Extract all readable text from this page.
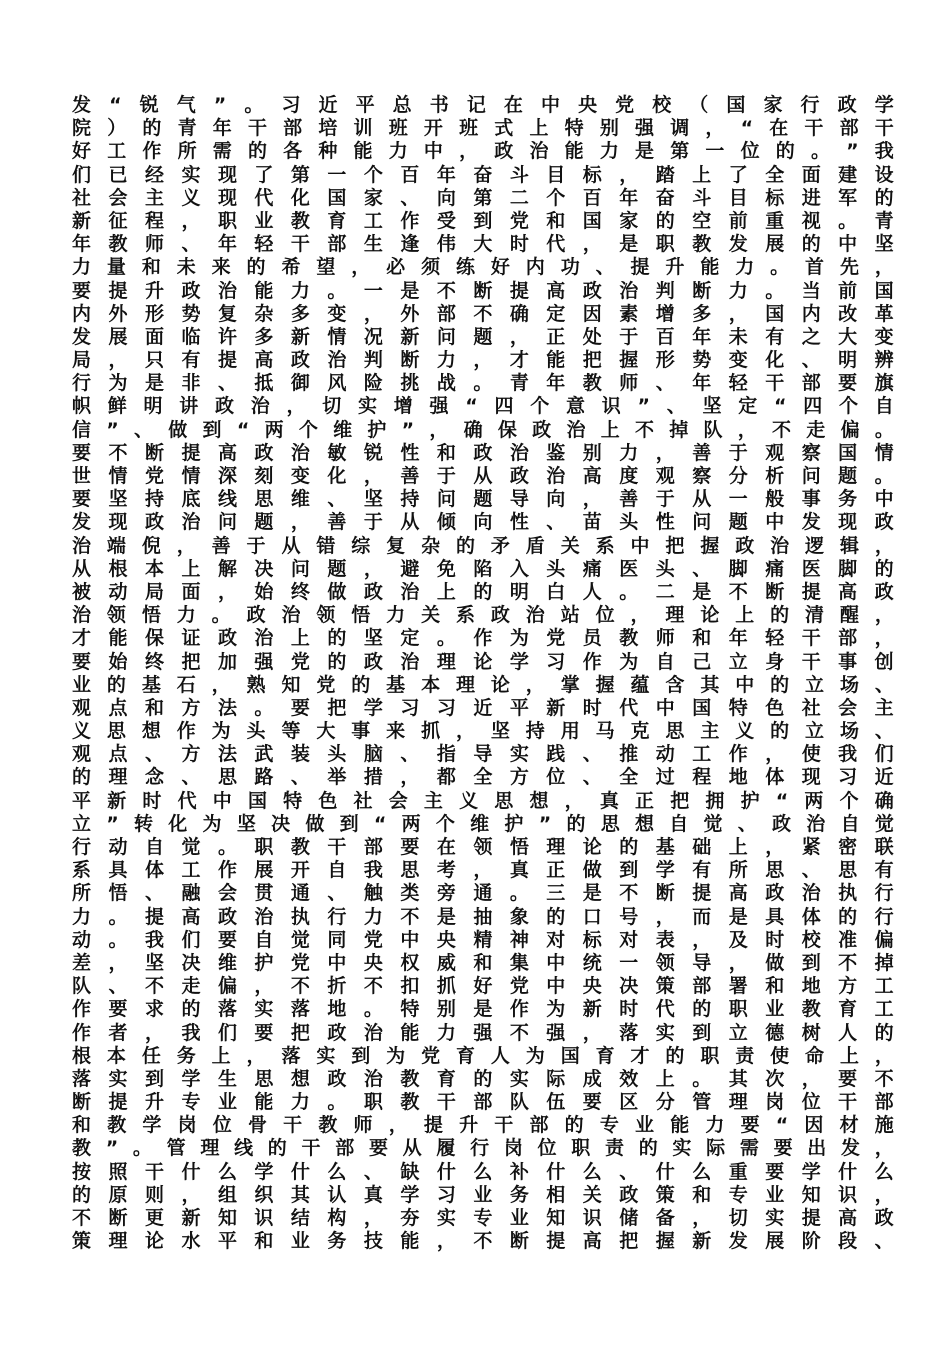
发 “ 锐 气 ” 。 习 近 平 总 书 记 在 中 央 党 校 （ 国 家 行 政 学
院 ） 的 青 年 干 部 培 训 班 开 班 式 上 特 别 强 调 ， “ 在 干 部 干
好 工 作 所 需 的 各 种 能 力 中 ， 政 治 能 力 是 第 一 位 的 。 ” 我
们 已 经 实 现 了 第 一 个 百 年 奋 斗 目 标 ， 踏 上 了 全 面 建 设
社 会 主 义 现 代 化 国 家 、 向 第 二 个 百 年 奋 斗 目 标 进 军 的
新 征 程 ， 职 业 教 育 工 作 受 到 党 和 国 家 的 空 前 重 视 。 青
年 教 师 、 年 轻 干 部 生 逢 伟 大 时 代 ， 是 职 教 发 展 的 中 坚
力 量 和 未 来 的 希 望 ， 必 须 练 好 内 功 、 提 升 能 力 。 首 先 ，
要 提 升 政 治 能 力 。 一 是 不 断 提 高 政 治 判 断 力 。 当 前 国
内 外 形 势 复 杂 多 变 ， 外 部 不 确 定 因 素 增 多 ， 国 内 改 革
发 展 面 临 许 多 新 情 况 新 问 题 ， 正 处 于 百 年 未 有 之 大 变
局 ， 只 有 提 高 政 治 判 断 力 ， 才 能 把 握 形 势 变 化 、 明 辨
行 为 是 非 、 抵 御 风 险 挑 战 。 青 年 教 师 、 年 轻 干 部 要 旗
帜 鲜 明 讲 政 治 ， 切 实 增 强 “ 四 个 意 识 ” 、 坚 定 “ 四 个 自
信 ” 、 做 到 “ 两 个 维 护 ” ， 确 保 政 治 上 不 掉 队 ， 不 走 偏 。
要 不 断 提 高 政 治 敏 锐 性 和 政 治 鉴 别 力 ， 善 于 观 察 国 情
世 情 党 情 深 刻 变 化 ， 善 于 从 政 治 高 度 观 察 分 析 问 题 。
要 坚 持 底 线 思 维 、 坚 持 问 题 导 向 ， 善 于 从 一 般 事 务 中
发 现 政 治 问 题 ， 善 于 从 倾 向 性 、 苗 头 性 问 题 中 发 现 政
治 端 倪 ， 善 于 从 错 综 复 杂 的 矛 盾 关 系 中 把 握 政 治 逻 辑 ，
从 根 本 上 解 决 问 题 ， 避 免 陷 入 头 痛 医 头 、 脚 痛 医 脚 的
被 动 局 面 ， 始 终 做 政 治 上 的 明 白 人 。 二 是 不 断 提 高 政
治 领 悟 力 。 政 治 领 悟 力 关 系 政 治 站 位 ， 理 论 上 的 清 醒 ，
才 能 保 证 政 治 上 的 坚 定 。 作 为 党 员 教 师 和 年 轻 干 部 ，
要 始 终 把 加 强 党 的 政 治 理 论 学 习 作 为 自 己 立 身 干 事 创
业 的 基 石 ， 熟 知 党 的 基 本 理 论 ， 掌 握 蕴 含 其 中 的 立 场 、
观 点 和 方 法 。 要 把 学 习 习 近 平 新 时 代 中 国 特 色 社 会 主
义 思 想 作 为 头 等 大 事 来 抓 ， 坚 持 用 马 克 思 主 义 的 立 场 、
观 点 、 方 法 武 装 头 脑 、 指 导 实 践 、 推 动 工 作 ， 使 我 们
的 理 念 、 思 路 、 举 措 ， 都 全 方 位 、 全 过 程 地 体 现 习 近
平 新 时 代 中 国 特 色 社 会 主 义 思 想 ， 真 正 把 拥 护 “ 两 个 确
立 ” 转 化 为 坚 决 做 到 “ 两 个 维 护 ” 的 思 想 自 觉 、 政 治 自 觉
行 动 自 觉 。 职 教 干 部 要 在 领 悟 理 论 的 基 础 上 ， 紧 密 联
系 具 体 工 作 展 开 自 我 思 考 ， 真 正 做 到 学 有 所 思 、 思 有
所 悟 、 融 会 贯 通 、 触 类 旁 通 。 三 是 不 断 提 高 政 治 执 行
力 。 提 高 政 治 执 行 力 不 是 抽 象 的 口 号 ， 而 是 具 体 的 行
动 。 我 们 要 自 觉 同 党 中 央 精 神 对 标 对 表 ， 及 时 校 准 偏
差 ， 坚 决 维 护 党 中 央 权 威 和 集 中 统 一 领 导 ， 做 到 不 掉
队 、 不 走 偏 ， 不 折 不 扣 抓 好 党 中 央 决 策 部 署 和 地 方 工
作 要 求 的 落 实 落 地 。 特 别 是 作 为 新 时 代 的 职 业 教 育 工
作 者 ， 我 们 要 把 政 治 能 力 强 不 强 ， 落 实 到 立 德 树 人 的
根 本 任 务 上 ， 落 实 到 为 党 育 人 为 国 育 才 的 职 责 使 命 上 ，
落 实 到 学 生 思 想 政 治 教 育 的 实 际 成 效 上 。 其 次 ， 要 不
断 提 升 专 业 能 力 。 职 教 干 部 队 伍 要 区 分 管 理 岗 位 干 部
和 教 学 岗 位 骨 干 教 师 ， 提 升 干 部 的 专 业 能 力 要 “ 因 材 施
教 ” 。 管 理 线 的 干 部 要 从 履 行 岗 位 职 责 的 实 际 需 要 出 发 ，
按 照 干 什 么 学 什 么 、 缺 什 么 补 什 么 、 什 么 重 要 学 什 么
的 原 则 ， 组 织 其 认 真 学 习 业 务 相 关 政 策 和 专 业 知 识 ，
不 断 更 新 知 识 结 构 ， 夯 实 专 业 知 识 储 备 ， 切 实 提 高 政
策 理 论 水 平 和 业 务 技 能 ， 不 断 提 高 把 握 新 发 展 阶 段 、
